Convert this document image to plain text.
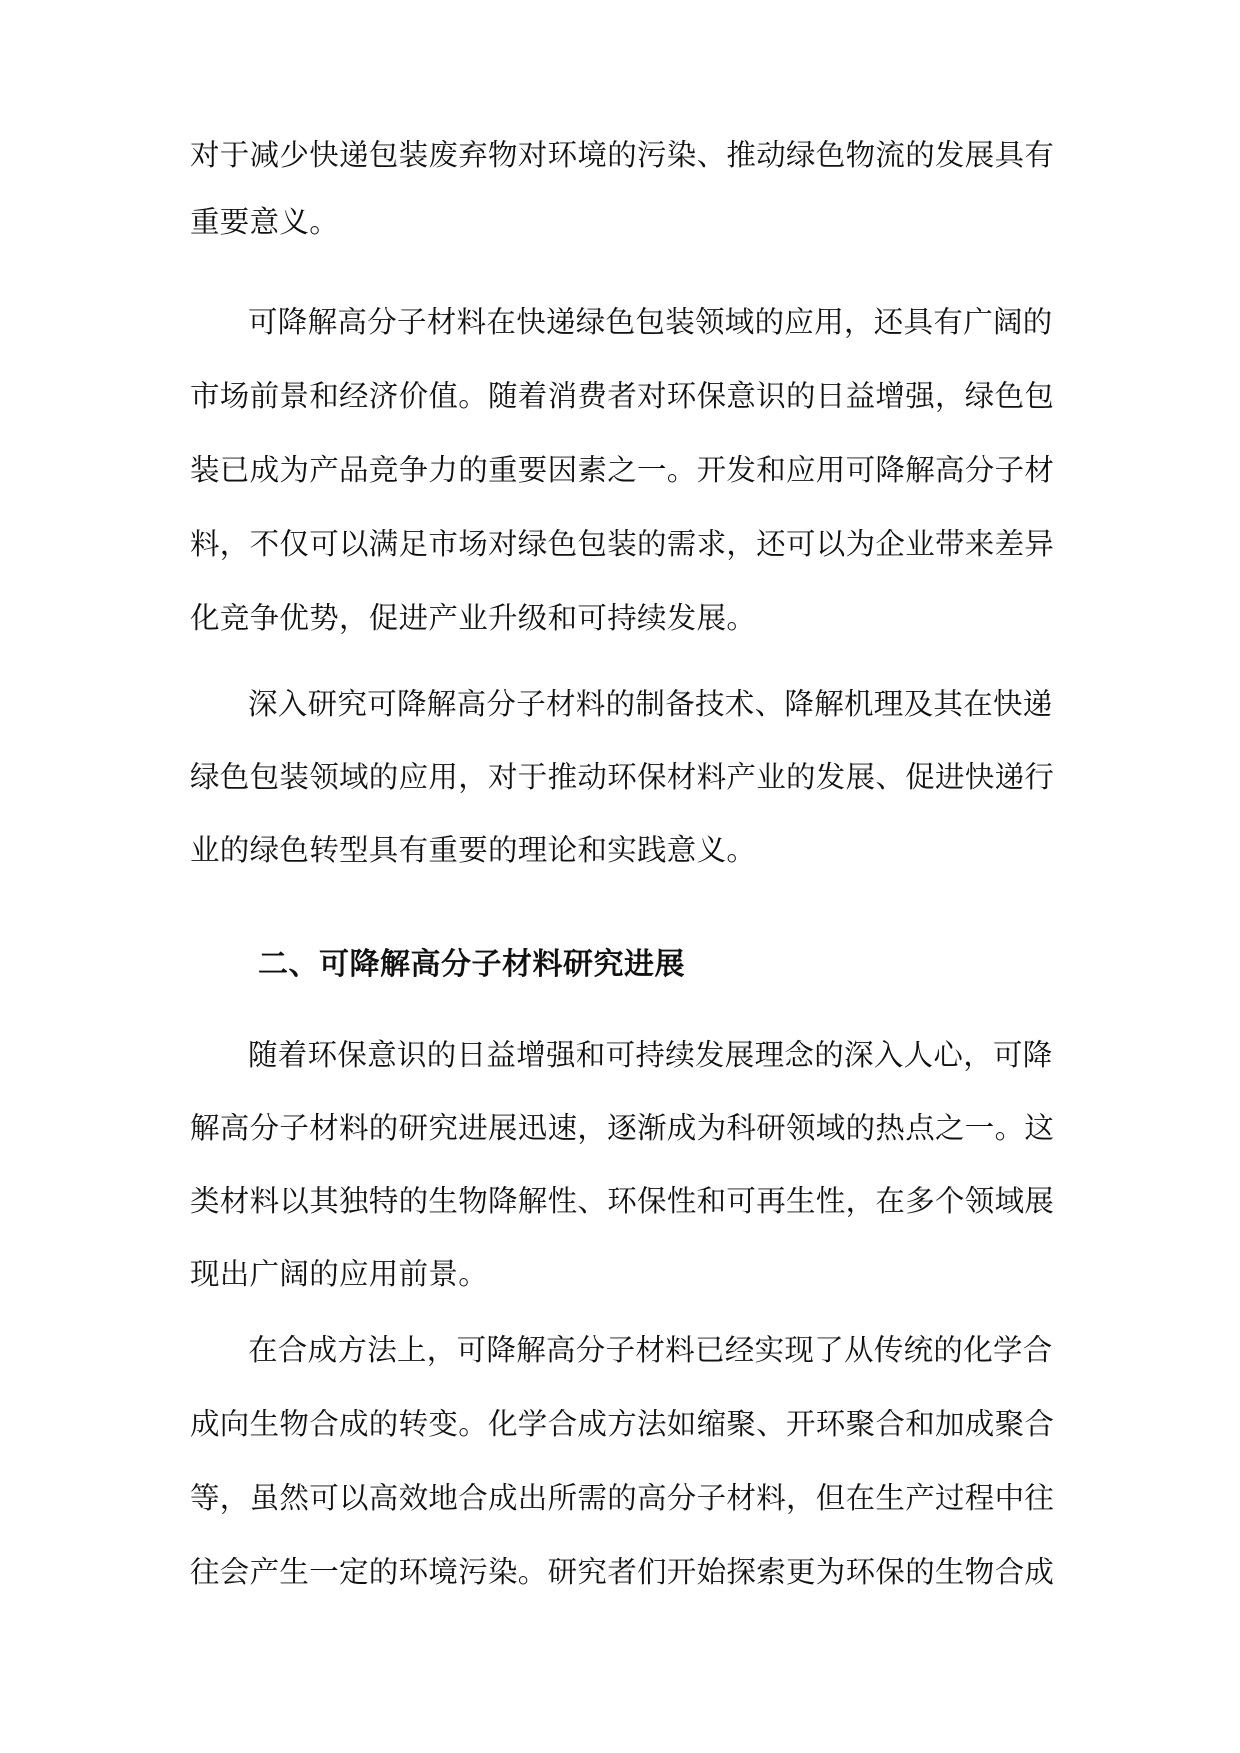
对于减少快递包装废弃物对环境的污染、推动绿色物流的发展具有
重要意义。
可降解高分子材料在快递绿色包装领域的应用，还具有广阔的
市场前景和经济价值。随着消费者对环保意识的日益增强，绿色包
装已成为产品竞争力的重要因素之一。开发和应用可降解高分子材
料，不仅可以满足市场对绿色包装的需求，还可以为企业带来差异
化竞争优势，促进产业升级和可持续发展。
深入研究可降解高分子材料的制备技术、降解机理及其在快递
绿色包装领域的应用，对于推动环保材料产业的发展、促进快递行
业的绿色转型具有重要的理论和实践意义。
二、可降解高分子材料研究进展
随着环保意识的日益增强和可持续发展理念的深入人心，可降
解高分子材料的研究进展迅速，逐渐成为科研领域的热点之一。这
类材料以其独特的生物降解性、环保性和可再生性，在多个领域展
现出广阔的应用前景。
在合成方法上，可降解高分子材料已经实现了从传统的化学合
成向生物合成的转变。化学合成方法如缩聚、开环聚合和加成聚合
等，虽然可以高效地合成出所需的高分子材料，但在生产过程中往
往会产生一定的环境污染。研究者们开始探索更为环保的生物合成
